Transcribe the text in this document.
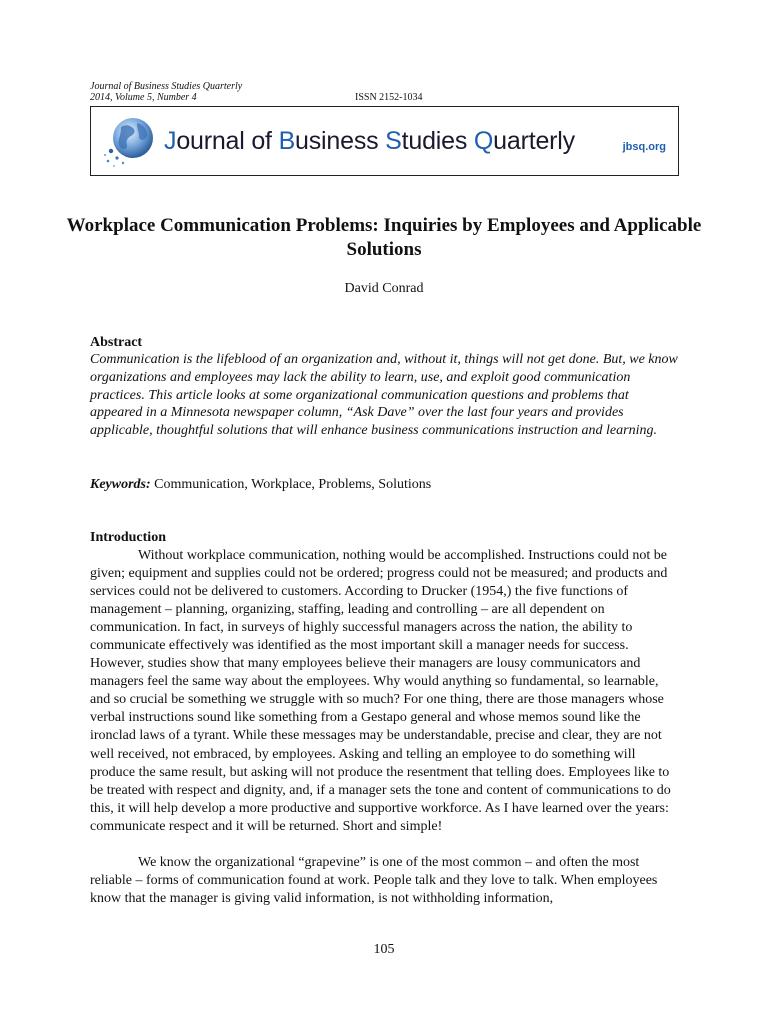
Journal of Business Studies Quarterly
2014, Volume 5, Number 4	ISSN 2152-1034
Journal of Business Studies Quarterly	jbsq.org
Workplace Communication Problems: Inquiries by Employees and Applicable Solutions
David Conrad
Abstract
Communication is the lifeblood of an organization and, without it, things will not get done. But, we know organizations and employees may lack the ability to learn, use, and exploit good communication practices. This article looks at some organizational communication questions and problems that appeared in a Minnesota newspaper column, “Ask Dave” over the last four years and provides applicable, thoughtful solutions that will enhance business communications instruction and learning.
Keywords: Communication, Workplace, Problems, Solutions
Introduction

Without workplace communication, nothing would be accomplished. Instructions could not be given; equipment and supplies could not be ordered; progress could not be measured; and products and services could not be delivered to customers. According to Drucker (1954,) the five functions of management – planning, organizing, staffing, leading and controlling – are all dependent on communication. In fact, in surveys of highly successful managers across the nation, the ability to communicate effectively was identified as the most important skill a manager needs for success. However, studies show that many employees believe their managers are lousy communicators and managers feel the same way about the employees. Why would anything so fundamental, so learnable, and so crucial be something we struggle with so much? For one thing, there are those managers whose verbal instructions sound like something from a Gestapo general and whose memos sound like the ironclad laws of a tyrant. While these messages may be understandable, precise and clear, they are not well received, not embraced, by employees. Asking and telling an employee to do something will produce the same result, but asking will not produce the resentment that telling does. Employees like to be treated with respect and dignity, and, if a manager sets the tone and content of communications to do this, it will help develop a more productive and supportive workforce. As I have learned over the years: communicate respect and it will be returned. Short and simple!

We know the organizational “grapevine” is one of the most common – and often the most reliable – forms of communication found at work. People talk and they love to talk. When employees know that the manager is giving valid information, is not withholding information,

105
